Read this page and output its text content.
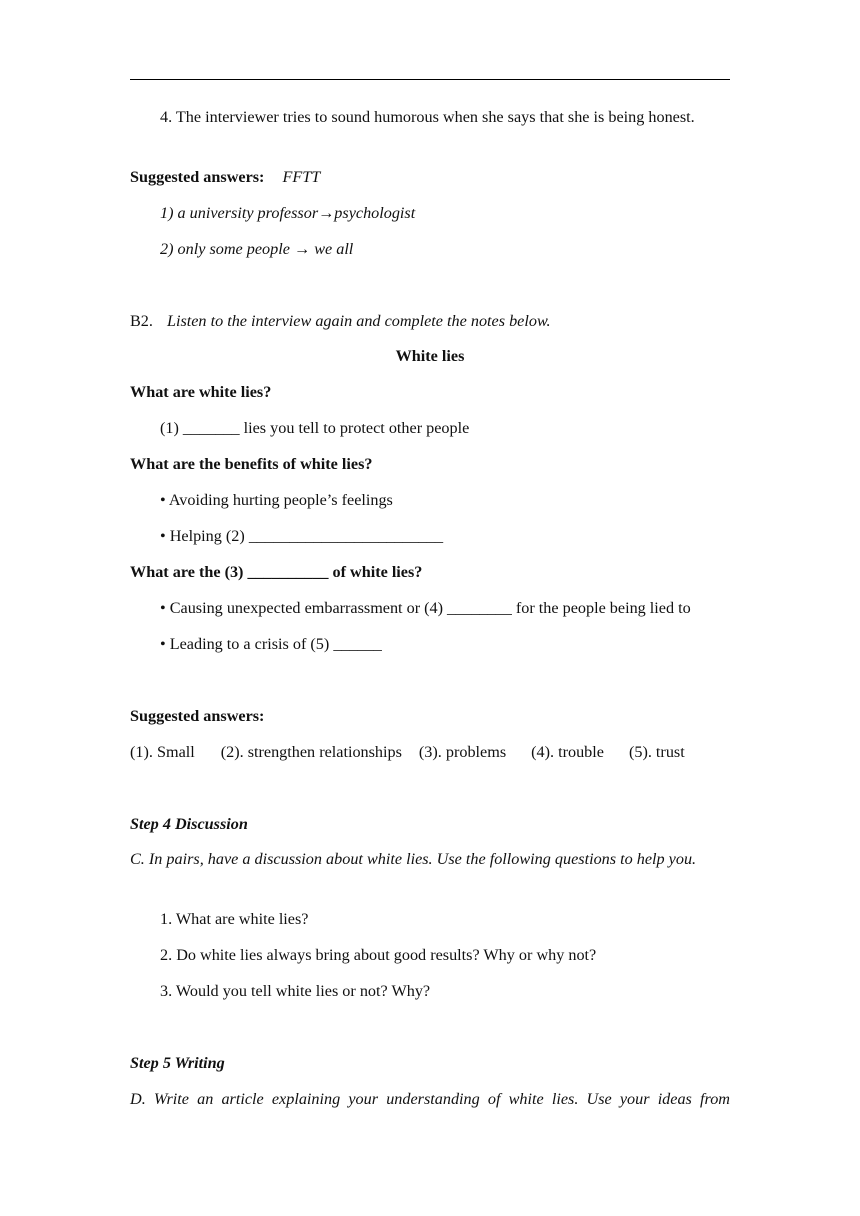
4. The interviewer tries to sound humorous when she says that she is being honest.
Suggested answers: FFTT
1) a university professor→psychologist
2) only some people → we all
B2. Listen to the interview again and complete the notes below.
White lies
What are white lies?
(1) _______ lies you tell to protect other people
What are the benefits of white lies?
• Avoiding hurting people’s feelings
• Helping (2) ________________________
What are the (3) __________ of white lies?
• Causing unexpected embarrassment or (4) ________ for the people being lied to
• Leading to a crisis of (5) ______
Suggested answers:
(1). Small (2). strengthen relationships (3). problems (4). trouble (5). trust
Step 4 Discussion
C. In pairs, have a discussion about white lies. Use the following questions to help you.
1. What are white lies?
2. Do white lies always bring about good results? Why or why not?
3. Would you tell white lies or not? Why?
Step 5 Writing
D. Write an article explaining your understanding of white lies. Use your ideas from
